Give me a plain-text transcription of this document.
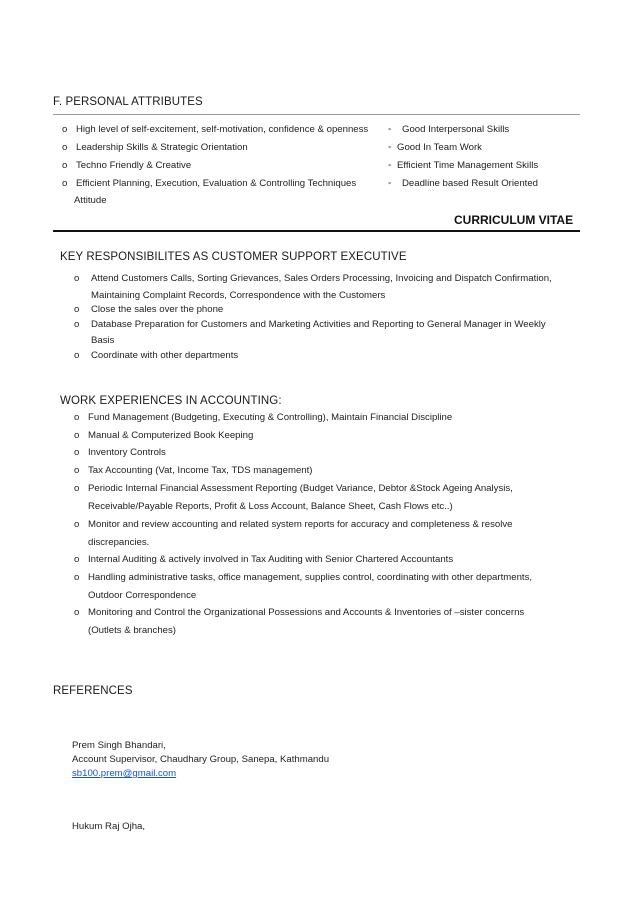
F. PERSONAL ATTRIBUTES
o High level of self-excitement, self-motivation, confidence & openness
o Leadership Skills & Strategic Orientation
o Techno Friendly & Creative
o Efficient Planning, Execution, Evaluation & Controlling Techniques
Attitude
◦ Good Interpersonal Skills
◦ Good In Team Work
◦ Efficient Time Management Skills
◦ Deadline based Result Oriented
CURRICULUM VITAE
KEY RESPONSIBILITES AS CUSTOMER SUPPORT EXECUTIVE
o Attend Customers Calls, Sorting Grievances, Sales Orders Processing, Invoicing and Dispatch Confirmation,
Maintaining Complaint Records, Correspondence with the Customers
o Close the sales over the phone
o Database Preparation for Customers and Marketing Activities and Reporting to General Manager in Weekly
Basis
o Coordinate with other departments
WORK EXPERIENCES IN ACCOUNTING:
o Fund Management (Budgeting, Executing & Controlling), Maintain Financial Discipline
o Manual & Computerized Book Keeping
o Inventory Controls
o Tax Accounting (Vat, Income Tax, TDS management)
o Periodic Internal Financial Assessment Reporting (Budget Variance, Debtor &Stock Ageing Analysis,
Receivable/Payable Reports, Profit & Loss Account, Balance Sheet, Cash Flows etc..)
o Monitor and review accounting and related system reports for accuracy and completeness & resolve
discrepancies.
o Internal Auditing & actively involved in Tax Auditing with Senior Chartered Accountants
o Handling administrative tasks, office management, supplies control, coordinating with other departments,
Outdoor Correspondence
o Monitoring and Control the Organizational Possessions and Accounts & Inventories of –sister concerns
(Outlets & branches)
REFERENCES
Prem Singh Bhandari,
Account Supervisor, Chaudhary Group, Sanepa, Kathmandu
sb100.prem@gmail.com
Hukum Raj Ojha,
